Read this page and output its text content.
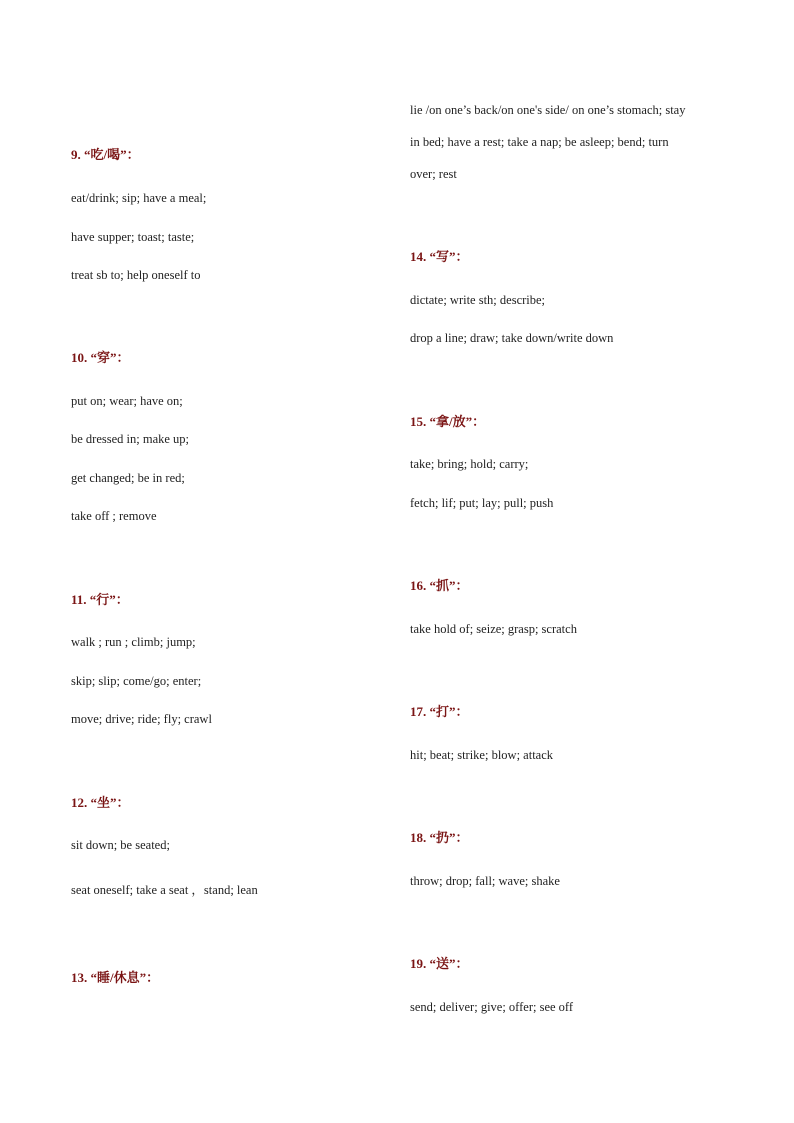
9. “吃/喝”：
eat/drink; sip; have a meal;
have supper; toast; taste;
treat sb to; help oneself to
10. “穿”：
put on; wear; have on;
be dressed in; make up;
get changed; be in red;
take off ; remove
11. “行”：
walk ; run ; climb; jump;
skip; slip; come/go; enter;
move; drive; ride; fly; crawl
12. “坐”：
sit down; be seated;
seat oneself; take a seat ，stand; lean
13. “睡/休息”：
lie /on one’s back/on one's side/ on one’s stomach; stay
in bed; have a rest; take a nap; be asleep; bend; turn
over; rest
14. “写”：
dictate; write sth; describe;
drop a line; draw; take down/write down
15. “拿/放”：
take; bring; hold; carry;
fetch; lif; put; lay; pull; push
16. “抓”：
take hold of; seize; grasp; scratch
17. “打”：
hit; beat; strike; blow; attack
18. “扔”：
throw; drop; fall; wave; shake
19. “送”：
send; deliver; give; offer; see off
